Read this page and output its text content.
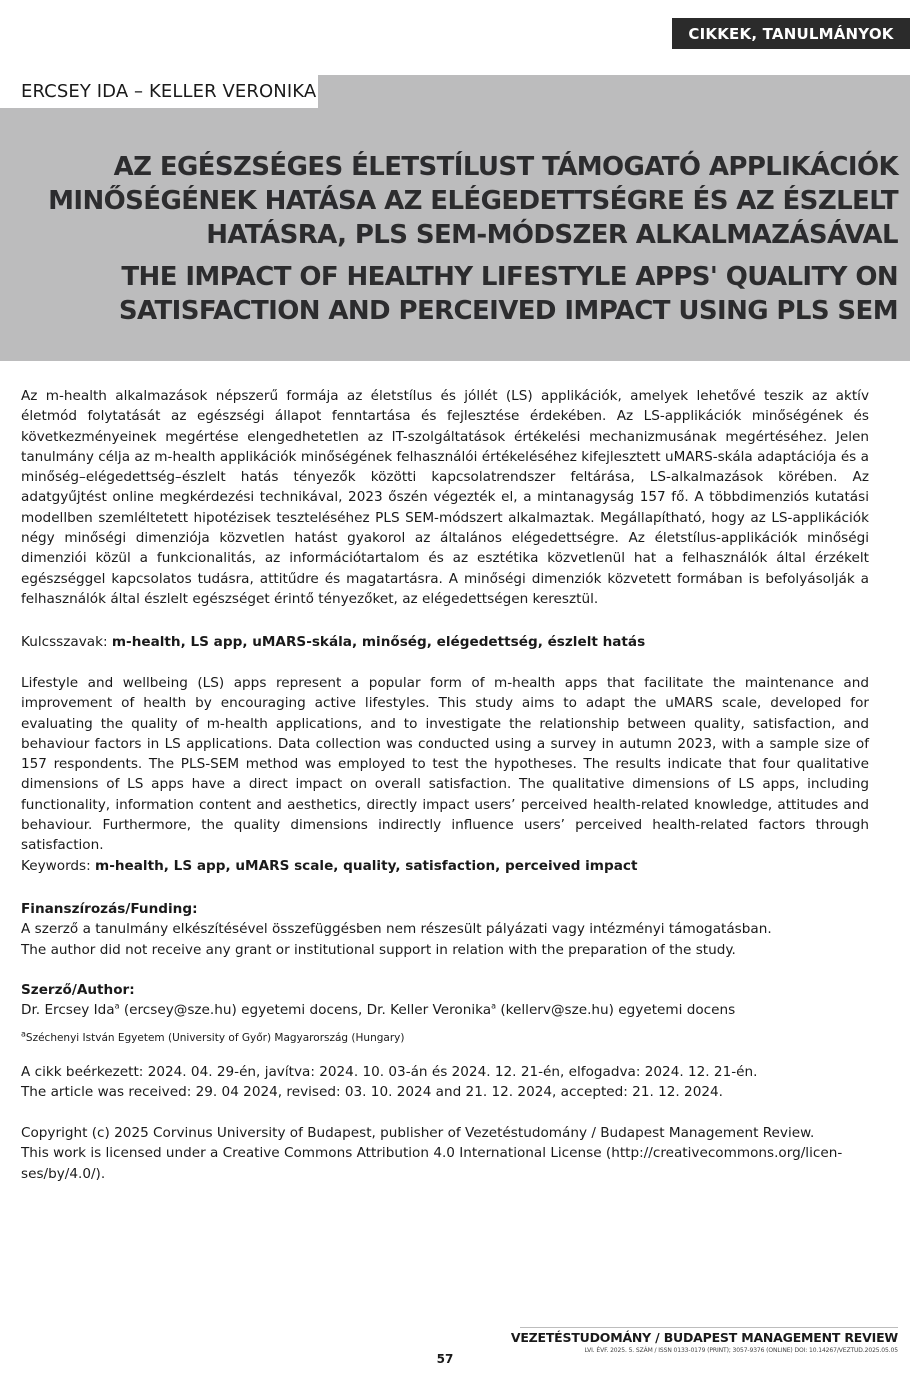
CIKKEK, TANULMÁNYOK
ERCSEY IDA – KELLER VERONIKA
AZ EGÉSZSÉGES ÉLETSTÍLUST TÁMOGATÓ APPLIKÁCIÓK
MINŐSÉGÉNEK HATÁSA AZ ELÉGEDETTSÉGRE ÉS AZ ÉSZLELT
HATÁSRA, PLS SEM-MÓDSZER ALKALMAZÁSÁVAL
THE IMPACT OF HEALTHY LIFESTYLE APPS' QUALITY ON
SATISFACTION AND PERCEIVED IMPACT USING PLS SEM
Az m-health alkalmazások népszerű formája az életstílus és jóllét (LS) applikációk, amelyek lehetővé teszik az aktív életmód folytatását az egészségi állapot fenntartása és fejlesztése érdekében. Az LS-applikációk minőségének és következményeinek megértése elengedhetetlen az IT-szolgáltatások értékelési mechanizmusának megértéséhez. Jelen tanulmány célja az m-health applikációk minőségének felhasználói értékeléséhez kifejlesztett uMARS-skála adaptációja és a minőség–elégedettség–észlelt hatás tényezők közötti kapcsolatrendszer feltárása, LS-alkalmazások körében. Az adatgyűjtést online megkérdezési technikával, 2023 őszén végezték el, a mintanagyság 157 fő. A többdimenziós kutatási modellben szemléltetett hipotézisek teszteléséhez PLS SEM-módszert alkalmaztak. Megállapítható, hogy az LS-applikációk négy minőségi dimenziója közvetlen hatást gyakorol az általános elégedettségre. Az életstílus-applikációk minőségi dimenziói közül a funkcionalitás, az információtartalom és az esztétika közvetlenül hat a felhasználók által érzékelt egészséggel kapcsolatos tudásra, attitűdre és magatartásra. A minőségi dimenziók közvetett formában is befolyásolják a felhasználók által észlelt egészséget érintő tényezőket, az elégedettségen keresztül.
Kulcsszavak: m-health, LS app, uMARS-skála, minőség, elégedettség, észlelt hatás
Lifestyle and wellbeing (LS) apps represent a popular form of m-health apps that facilitate the maintenance and improvement of health by encouraging active lifestyles. This study aims to adapt the uMARS scale, developed for evaluating the quality of m-health applications, and to investigate the relationship between quality, satisfaction, and behaviour factors in LS applications. Data collection was conducted using a survey in autumn 2023, with a sample size of 157 respondents. The PLS-SEM method was employed to test the hypotheses. The results indicate that four qualitative dimensions of LS apps have a direct impact on overall satisfaction. The qualitative dimensions of LS apps, including functionality, information content and aesthetics, directly impact users’ perceived health-related knowledge, attitudes and behaviour. Furthermore, the quality dimensions indirectly influence users’ perceived health-related factors through satisfaction.
Keywords: m-health, LS app, uMARS scale, quality, satisfaction, perceived impact
Finanszírozás/Funding:
A szerző a tanulmány elkészítésével összefüggésben nem részesült pályázati vagy intézményi támogatásban.
The author did not receive any grant or institutional support in relation with the preparation of the study.
Szerző/Author:
Dr. Ercsey Ida$^a$ (ercsey@sze.hu) egyetemi docens, Dr. Keller Veronika$^a$ (kellerv@sze.hu) egyetemi docens
$^a$Széchenyi István Egyetem (University of Győr) Magyarország (Hungary)
A cikk beérkezett: 2024. 04. 29-én, javítva: 2024. 10. 03-án és 2024. 12. 21-én, elfogadva: 2024. 12. 21-én.
The article was received: 29. 04 2024, revised: 03. 10. 2024 and 21. 12. 2024, accepted: 21. 12. 2024.
Copyright (c) 2025 Corvinus University of Budapest, publisher of Vezetéstudomány / Budapest Management Review.
This work is licensed under a Creative Commons Attribution 4.0 International License (http://creativecommons.org/licen-
ses/by/4.0/).
VEZETÉSTUDOMÁNY / BUDAPEST MANAGEMENT REVIEW
LVI. ÉVF. 2025. 5. SZÁM / ISSN 0133-0179 (PRINT); 3057-9376 (ONLINE) DOI: 10.14267/VEZTUD.2025.05.05
57
